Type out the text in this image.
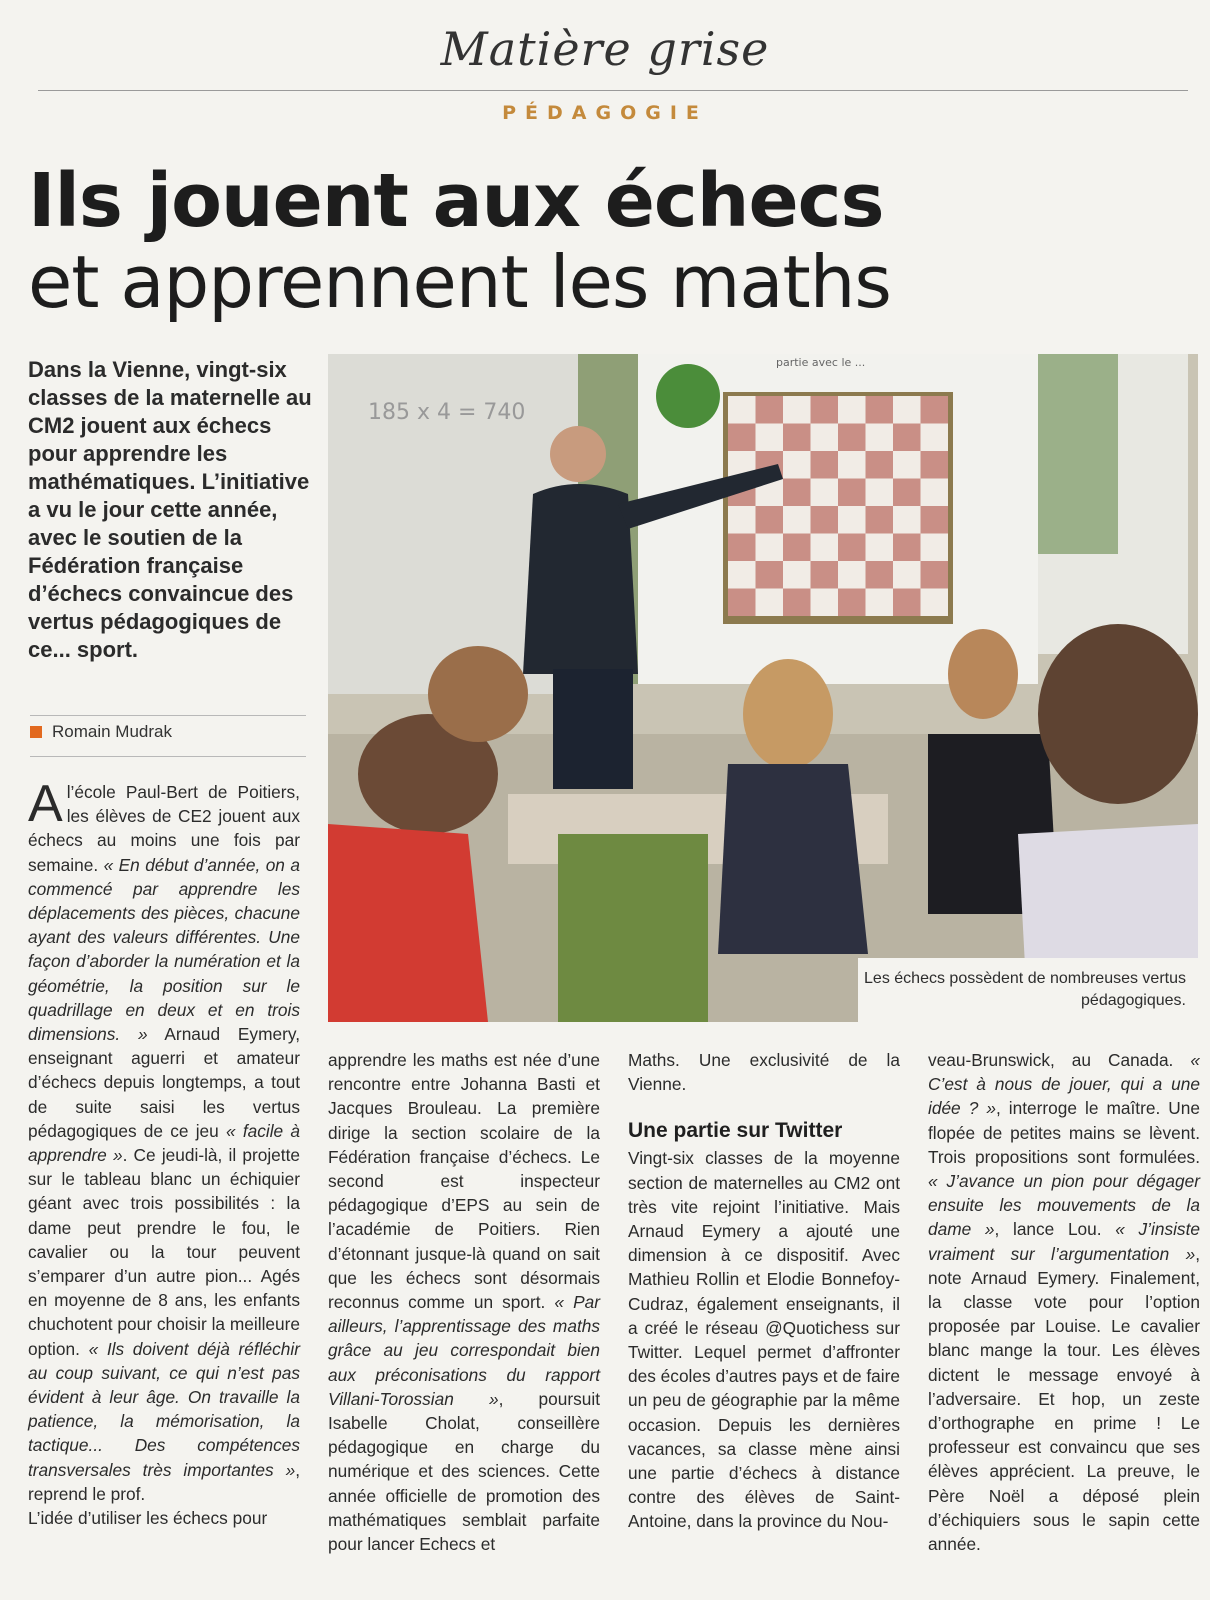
Matière grise
PÉDAGOGIE
Ils jouent aux échecs
et apprennent les maths
Dans la Vienne, vingt-six classes de la maternelle au CM2 jouent aux échecs pour apprendre les mathématiques. L’initiative a vu le jour cette année, avec le soutien de la Fédération française d’échecs convaincue des vertus pédagogiques de ce... sport.
Romain Mudrak
partie avec le ...
185 x 4 = 740
Les échecs possèdent de nombreuses vertus pédagogiques.

Al’école Paul-Bert de Poitiers, les élèves de CE2 jouent aux échecs au moins une fois par semaine. « En début d’année, on a commencé par apprendre les déplacements des pièces, chacune ayant des valeurs différentes. Une façon d’aborder la numération et la géométrie, la position sur le quadrillage en deux et en trois dimensions. » Arnaud Eymery, enseignant aguerri et amateur d’échecs depuis longtemps, a tout de suite saisi les vertus pédagogiques de ce jeu « facile à apprendre ». Ce jeudi-là, il projette sur le tableau blanc un échiquier géant avec trois possibilités : la dame peut prendre le fou, le cavalier ou la tour peuvent s’emparer d’un autre pion... Agés en moyenne de 8 ans, les enfants chuchotent pour choisir la meilleure option. « Ils doivent déjà réfléchir au coup suivant, ce qui n’est pas évident à leur âge. On travaille la patience, la mémorisation, la tactique... Des compétences transversales très importantes », reprend le prof.

L’idée d’utiliser les échecs pour

apprendre les maths est née d’une rencontre entre Johanna Basti et Jacques Brouleau. La première dirige la section scolaire de la Fédération française d’échecs. Le second est inspecteur pédagogique d’EPS au sein de l’académie de Poitiers. Rien d’étonnant jusque-là quand on sait que les échecs sont désormais reconnus comme un sport. « Par ailleurs, l’apprentissage des maths grâce au jeu correspondait bien aux préconisations du rapport Villani-Torossian », poursuit Isabelle Cholat, conseillère pédagogique en charge du numérique et des sciences. Cette année officielle de promotion des mathématiques semblait parfaite pour lancer Echecs et

Maths. Une exclusivité de la Vienne.

Une partie sur Twitter

Vingt-six classes de la moyenne section de maternelles au CM2 ont très vite rejoint l’initiative. Mais Arnaud Eymery a ajouté une dimension à ce dispositif. Avec Mathieu Rollin et Elodie Bonnefoy-Cudraz, également enseignants, il a créé le réseau @Quotichess sur Twitter. Lequel permet d’affronter des écoles d’autres pays et de faire un peu de géographie par la même occasion. Depuis les dernières vacances, sa classe mène ainsi une partie d’échecs à distance contre des élèves de Saint-Antoine, dans la province du Nou-

veau-Brunswick, au Canada. « C’est à nous de jouer, qui a une idée ? », interroge le maître. Une flopée de petites mains se lèvent. Trois propositions sont formulées. « J’avance un pion pour dégager ensuite les mouvements de la dame », lance Lou. « J’insiste vraiment sur l’argumentation », note Arnaud Eymery. Finalement, la classe vote pour l’option proposée par Louise. Le cavalier blanc mange la tour. Les élèves dictent le message envoyé à l’adversaire. Et hop, un zeste d’orthographe en prime ! Le professeur est convaincu que ses élèves apprécient. La preuve, le Père Noël a déposé plein d’échiquiers sous le sapin cette année.
